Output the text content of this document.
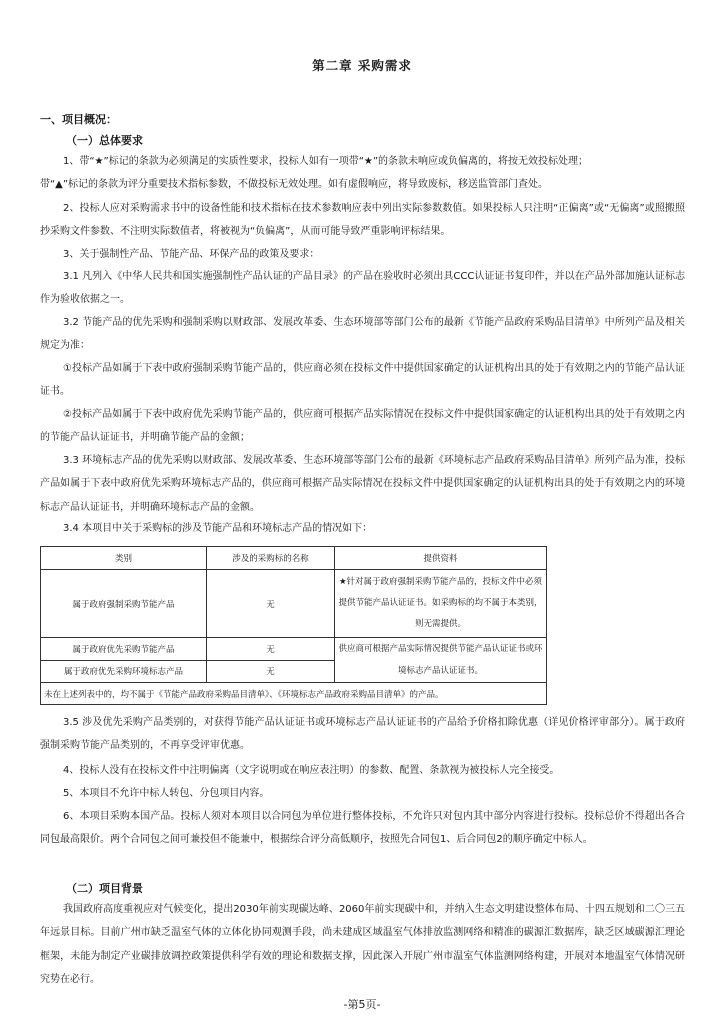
第二章 采购需求
一、项目概况：
（一）总体要求

1、带“★”标记的条款为必须满足的实质性要求，投标人如有一项带“★”的条款未响应或负偏离的，将按无效投标处理；

带“▲”标记的条款为评分重要技术指标参数，不做投标无效处理。如有虚假响应，将导致废标，移送监管部门查处。

2、投标人应对采购需求书中的设备性能和技术指标在技术参数响应表中列出实际参数数值。如果投标人只注明“正偏离”或“无偏离”或照搬照抄采购文件参数、不注明实际数值者，将被视为“负偏离”，从而可能导致严重影响评标结果。

3、关于强制性产品、节能产品、环保产品的政策及要求：

3.1 凡列入《中华人民共和国实施强制性产品认证的产品目录》的产品在验收时必须出具CCC认证证书复印件，并以在产品外部加施认证标志作为验收依据之一。

3.2 节能产品的优先采购和强制采购以财政部、发展改革委、生态环境部等部门公布的最新《节能产品政府采购品目清单》中所列产品及相关规定为准：

①投标产品如属于下表中政府强制采购节能产品的，供应商必须在投标文件中提供国家确定的认证机构出具的处于有效期之内的节能产品认证证书。

②投标产品如属于下表中政府优先采购节能产品的，供应商可根据产品实际情况在投标文件中提供国家确定的认证机构出具的处于有效期之内的节能产品认证证书，并明确节能产品的金额；

3.3 环境标志产品的优先采购以财政部、发展改革委、生态环境部等部门公布的最新《环境标志产品政府采购品目清单》所列产品为准，投标产品如属于下表中政府优先采购环境标志产品的，供应商可根据产品实际情况在投标文件中提供国家确定的认证机构出具的处于有效期之内的环境标志产品认证证书，并明确环境标志产品的金额。

3.4 本项目中关于采购标的涉及节能产品和环境标志产品的情况如下：

类别	涉及的采购标的名称	提供资料
属于政府强制采购节能产品	无	★针对属于政府强制采购节能产品的，投标文件中必须提供节能产品认证证书。如采购标的均不属于本类别，则无需提供。
属于政府优先采购节能产品	无	供应商可根据产品实际情况提供节能产品认证证书或环境标志产品认证证书。
属于政府优先采购环境标志产品	无	
未在上述列表中的，均不属于《节能产品政府采购品目清单》、《环境标志产品政府采购品目清单》的产品。		

3.5 涉及优先采购产品类别的，对获得节能产品认证证书或环境标志产品认证证书的产品给予价格扣除优惠（详见价格评审部分）。属于政府强制采购节能产品类别的，不再享受评审优惠。

4、投标人没有在投标文件中注明偏离（文字说明或在响应表注明）的参数、配置、条款视为被投标人完全接受。

5、本项目不允许中标人转包、分包项目内容。

6、本项目采购本国产品。投标人须对本项目以合同包为单位进行整体投标，不允许只对包内其中部分内容进行投标。投标总价不得超出各合同包最高限价。两个合同包之间可兼投但不能兼中，根据综合评分高低顺序，按照先合同包1、后合同包2的顺序确定中标人。

（二）项目背景

我国政府高度重视应对气候变化，提出2030年前实现碳达峰、2060年前实现碳中和，并纳入生态文明建设整体布局、十四五规划和二〇三五年远景目标。目前广州市缺乏温室气体的立体化协同观测手段，尚未建成区域温室气体排放监测网络和精准的碳源汇数据库，缺乏区域碳源汇理论框架，未能为制定产业碳排放调控政策提供科学有效的理论和数据支撑，因此深入开展广州市温室气体监测网络构建，开展对本地温室气体情况研究势在必行。

-第5页-
